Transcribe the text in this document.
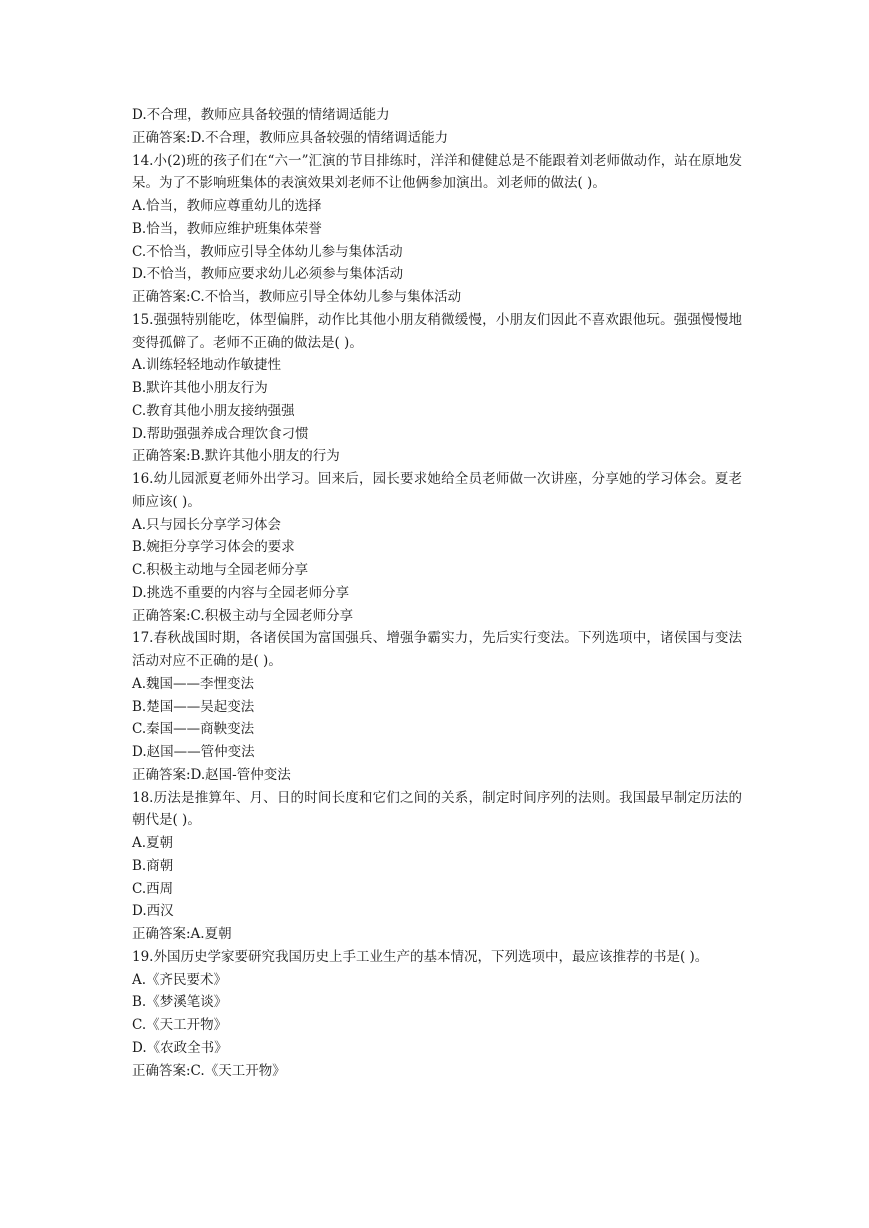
D.不合理，教师应具备较强的情绪调适能力

正确答案:D.不合理，教师应具备较强的情绪调适能力

14.小(2)班的孩子们在“六一”汇演的节目排练时，洋洋和健健总是不能跟着刘老师做动作，站在原地发呆。为了不影响班集体的表演效果刘老师不让他俩参加演出。刘老师的做法( )。

A.恰当，教师应尊重幼儿的选择

B.恰当，教师应维护班集体荣誉

C.不恰当，教师应引导全体幼儿参与集体活动

D.不恰当，教师应要求幼儿必须参与集体活动

正确答案:C.不恰当，教师应引导全体幼儿参与集体活动

15.强强特别能吃，体型偏胖，动作比其他小朋友稍微缓慢，小朋友们因此不喜欢跟他玩。强强慢慢地变得孤僻了。老师不正确的做法是( )。

A.训练轻轻地动作敏捷性

B.默许其他小朋友行为

C.教育其他小朋友接纳强强

D.帮助强强养成合理饮食刁惯

正确答案:B.默许其他小朋友的行为

16.幼儿园派夏老师外出学习。回来后，园长要求她给全员老师做一次讲座，分享她的学习体会。夏老师应该( )。

A.只与园长分享学习体会

B.婉拒分享学习体会的要求

C.积极主动地与全园老师分享

D.挑选不重要的内容与全园老师分享

正确答案:C.积极主动与全园老师分享

17.春秋战国时期，各诸侯国为富国强兵、增强争霸实力，先后实行变法。下列选项中，诸侯国与变法活动对应不正确的是( )。

A.魏国——李悝变法

B.楚国——吴起变法

C.秦国——商鞅变法

D.赵国——管仲变法

正确答案:D.赵国-管仲变法

18.历法是推算年、月、日的时间长度和它们之间的关系，制定时间序列的法则。我国最早制定历法的朝代是( )。

A.夏朝

B.商朝

C.西周

D.西汉

正确答案:A.夏朝

19.外国历史学家要研究我国历史上手工业生产的基本情况，下列选项中，最应该推荐的书是( )。

A.《齐民要术》

B.《梦溪笔谈》

C.《天工开物》

D.《农政全书》

正确答案:C.《天工开物》
